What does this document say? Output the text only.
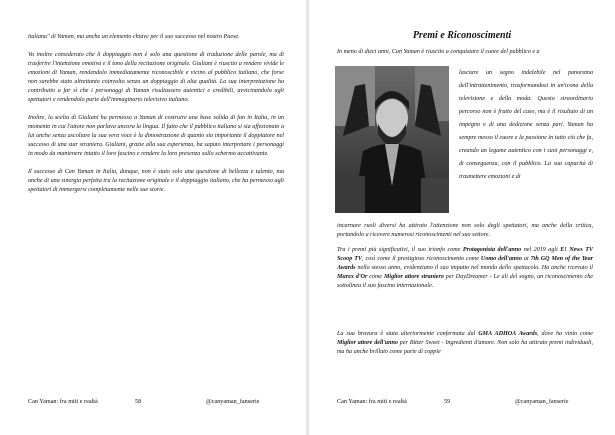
italiana" di Yaman, ma anche un elemento chiave per il suo successo nel nostro Paese.

Va inoltre considerato che il doppiaggio non è solo una questione di traduzione delle parole, ma di trasferire l'intenzione emotiva e il tono della recitazione originale. Giuliani è riuscito a rendere vivide le emozioni di Yaman, rendendolo immediatamente riconoscibile e vicino al pubblico italiano, che forse non sarebbe stato altrettanto coinvolto senza un doppiaggio di alta qualità. La sua interpretazione ha contribuito a far sì che i personaggi di Yaman risultassero autentici e credibili, avvicinandolo agli spettatori e rendendolo parte dell'immaginario televisivo italiano.

Inoltre, la scelta di Giuliani ha permesso a Yaman di costruire una base solida di fan in Italia, in un momento in cui l'attore non parlava ancora la lingua. Il fatto che il pubblico italiano si sia affezionato a lui anche senza ascoltare la sua vera voce è la dimostrazione di quanto sia importante il doppiatore nel successo di una star straniera. Giuliani, grazie alla sua esperienza, ha saputo interpretare i personaggi in modo da mantenere intatto il loro fascino e rendere la loro presenza sullo schermo accattivante.

Il successo di Can Yaman in Italia, dunque, non è stato solo una questione di bellezza e talento, ma anche di una sinergia perfetta tra la recitazione originale e il doppiaggio italiano, che ha permesso agli spettatori di immergersi completamente nelle sue storie.

Can Yaman: fra miti e realtà	58	@canyaman_fanserie
Premi e Riconoscimenti
In meno di dieci anni, Can Yaman è riuscito a conquistare il cuore del pubblico e a
lasciare un segno indelebile nel panorama dell'intrattenimento, trasformandosi in un'icona della televisione e della moda. Questo straordinario percorso non è frutto del caso, ma è il risultato di un impegno e di una dedizione senza pari. Yaman ha sempre messo il cuore e la passione in tutto ciò che fa, creando un legame autentico con i suoi personaggi e, di conseguenza, con il pubblico. La sua capacità di trasmettere emozioni e di
incarnare ruoli diversi ha attirato l'attenzione non solo degli spettatori, ma anche della critica, portandolo a ricevere numerosi riconoscimenti nel suo settore.
Tra i premi più significativi, il suo trionfo come Protagonista dell'anno nel 2019 agli E! News TV Scoop TV, così come il prestigioso riconoscimento come Uomo dell'anno ai 7th GQ Men of the Year Awards nello stesso anno, evidenziano il suo impatto nel mondo dello spettacolo. Ha anche ricevuto il Murex d'Or come Miglior attore straniero per DayDreamer - Le ali del sogno, un riconoscimento che sottolinea il suo fascino internazionale.
La sua bravura è stata ulteriormente confermata dal GMA ADHOA Awards, dove ha vinto come Miglior attore dell'anno per Bitter Sweet - Ingredienti d'amore. Non solo ha attirato premi individuali, ma ha anche brillato come parte di coppie
Can Yaman: fra miti e realtà	59	@canyaman_fanserie
